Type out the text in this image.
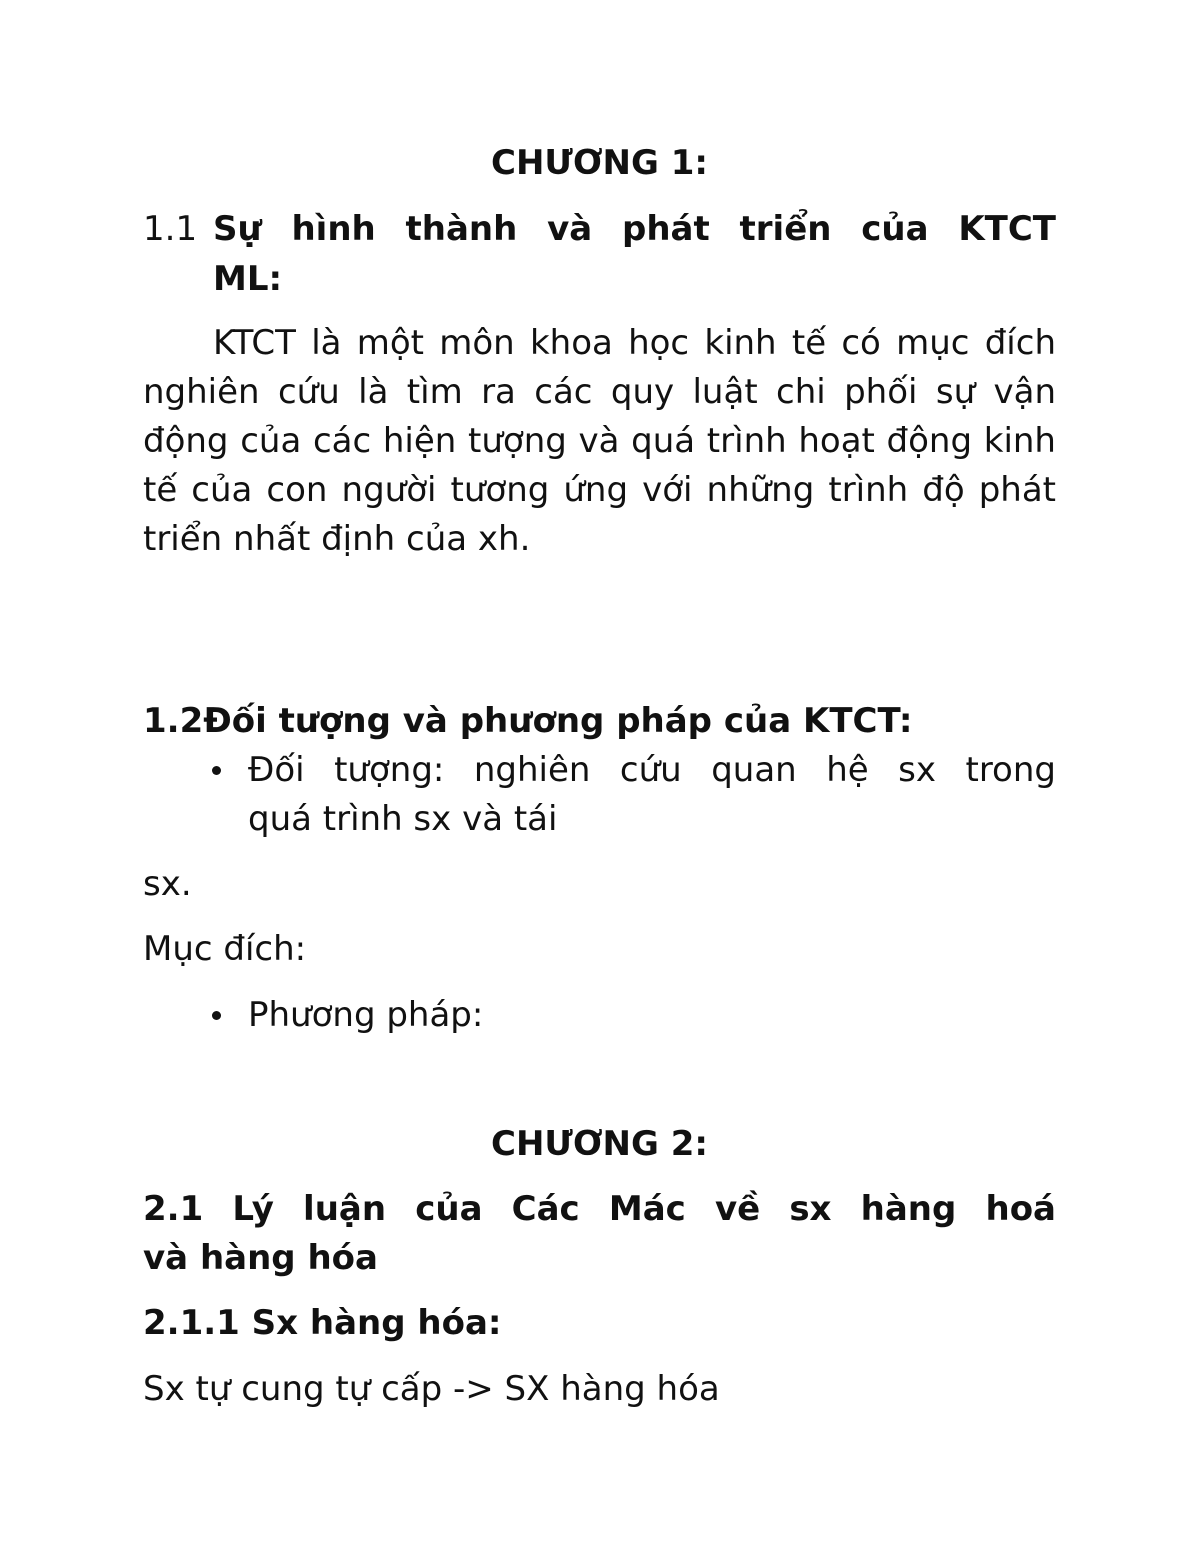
CHƯƠNG 1:

1.1 Sự hình thành và phát triển của KTCT

ML:

KTCT là một môn khoa học kinh tế có mục đích nghiên cứu là tìm ra các quy luật chi phối sự vận động của các hiện tượng và quá trình hoạt động kinh tế của con người tương ứng với những trình độ phát triển nhất định của xh.

1.2Đối tượng và phương pháp của KTCT:

Đối tượng: nghiên cứu quan hệ sx trong

quá trình sx và tái

sx.

Mục đích:

Phương pháp:

CHƯƠNG 2:

2.1 Lý luận của Các Mác về sx hàng hoá

và hàng hóa

2.1.1 Sx hàng hóa:

Sx tự cung tự cấp -> SX hàng hóa
